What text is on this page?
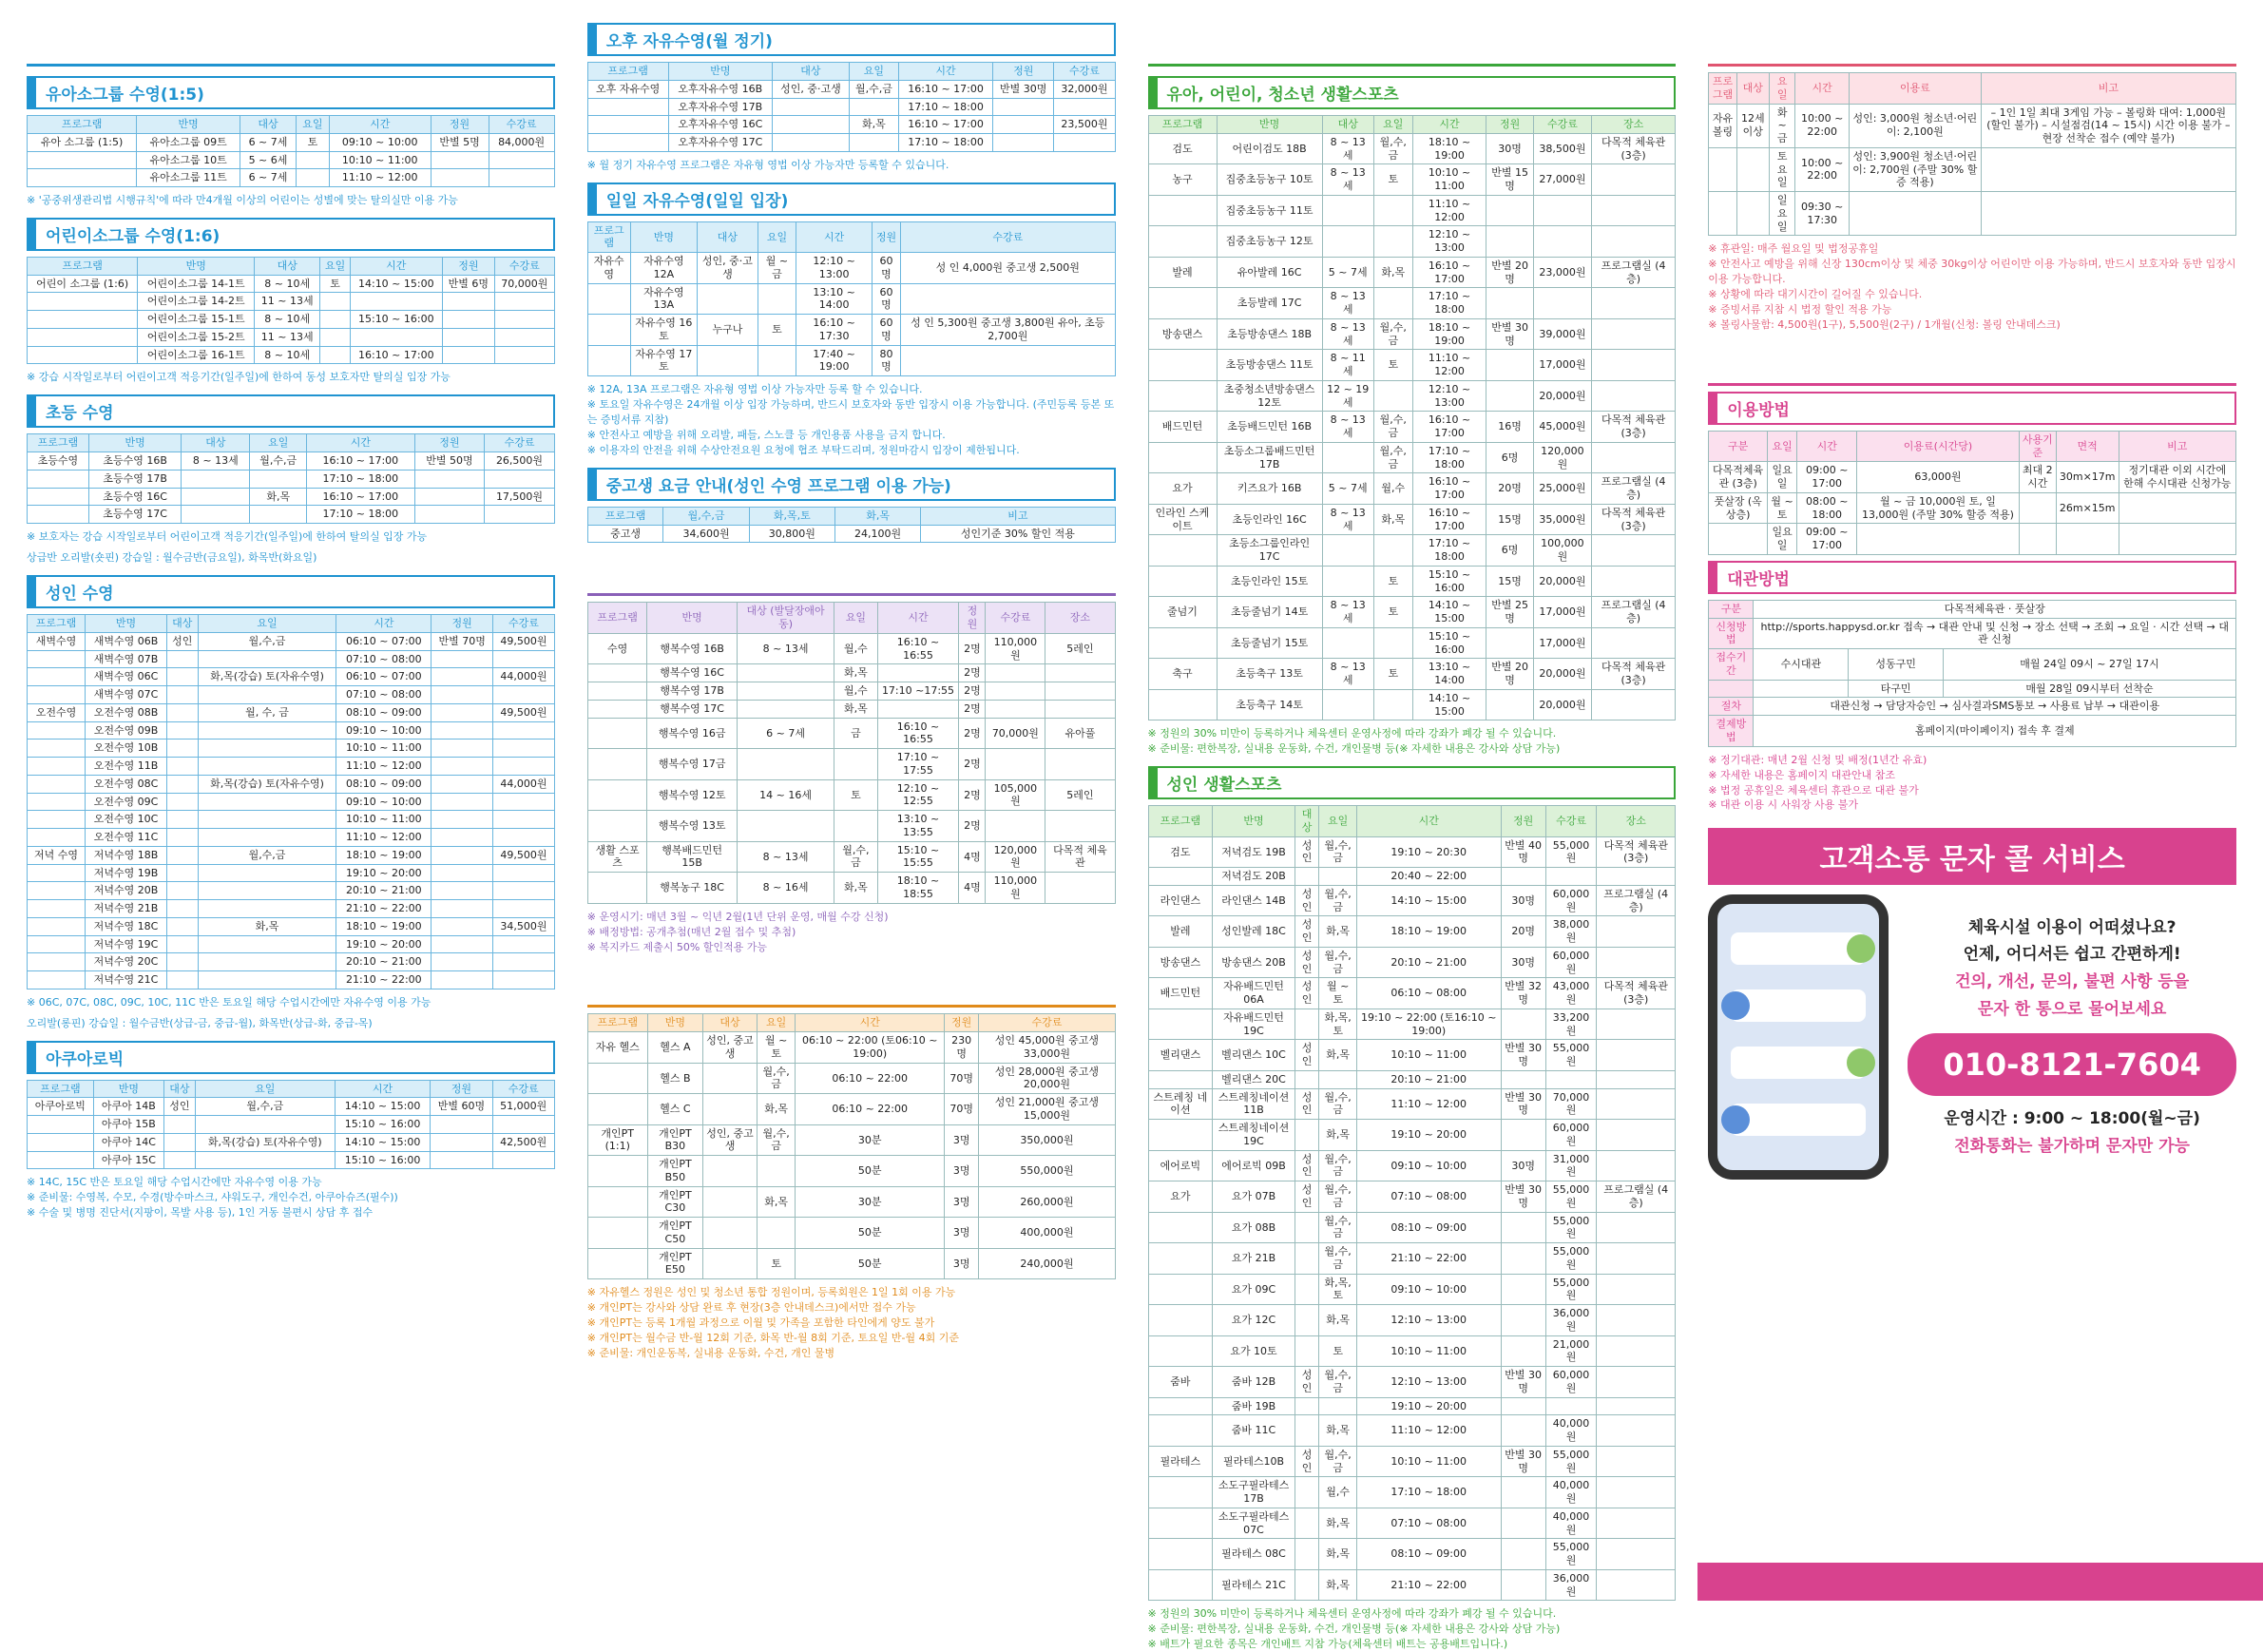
수영
유아소그룹 수영(1:5)
프로그램	반명	대상	요일	시간	정원	수강료
유아 소그룹 (1:5)	유아소그룹 09트	6 ~ 7세	토	09:10 ~ 10:00	반별 5명	84,000원
	유아소그룹 10트	5 ~ 6세		10:10 ~ 11:00		
	유아소그룹 11트	6 ~ 7세		11:10 ~ 12:00		
※ '공중위생관리법 시행규칙'에 따라 만4개월 이상의 어린이는 성별에 맞는 탈의실만 이용 가능
어린이소그룹 수영(1:6)
프로그램	반명	대상	요일	시간	정원	수강료
어린이 소그룹 (1:6)	어린이소그룹 14-1트	8 ~ 10세	토	14:10 ~ 15:00	반별 6명	70,000원
	어린이소그룹 14-2트	11 ~ 13세				
	어린이소그룹 15-1트	8 ~ 10세		15:10 ~ 16:00		
	어린이소그룹 15-2트	11 ~ 13세				
	어린이소그룹 16-1트	8 ~ 10세		16:10 ~ 17:00		
※ 강습 시작일로부터 어린이고객 적응기간(일주일)에 한하여 동성 보호자만 탈의실 입장 가능
초등 수영
프로그램	반명	대상	요일	시간	정원	수강료
초등수영	초등수영 16B	8 ~ 13세	월,수,금	16:10 ~ 17:00	반별 50명	26,500원
	초등수영 17B			17:10 ~ 18:00		
	초등수영 16C		화,목	16:10 ~ 17:00		17,500원
	초등수영 17C			17:10 ~ 18:00		
※ 보호자는 강습 시작일로부터 어린이고객 적응기간(일주일)에 한하여 탈의실 입장 가능
상급반 오리발(숏핀) 강습일 : 월수금반(금요일), 화목반(화요일)
성인 수영
프로그램	반명	대상	요일	시간	정원	수강료
새벽수영	새벽수영 06B	성인	월,수,금	06:10 ~ 07:00	반별 70명	49,500원
	새벽수영 07B			07:10 ~ 08:00		
	새벽수영 06C		화,목(강습) 토(자유수영)	06:10 ~ 07:00		44,000원
	새벽수영 07C			07:10 ~ 08:00		
오전수영	오전수영 08B		월, 수, 금	08:10 ~ 09:00		49,500원
	오전수영 09B			09:10 ~ 10:00		
	오전수영 10B			10:10 ~ 11:00		
	오전수영 11B			11:10 ~ 12:00		
	오전수영 08C		화,목(강습) 토(자유수영)	08:10 ~ 09:00		44,000원
	오전수영 09C			09:10 ~ 10:00		
	오전수영 10C			10:10 ~ 11:00		
	오전수영 11C			11:10 ~ 12:00		
저녁 수영	저녁수영 18B		월,수,금	18:10 ~ 19:00		49,500원
	저녁수영 19B			19:10 ~ 20:00		
	저녁수영 20B			20:10 ~ 21:00		
	저녁수영 21B			21:10 ~ 22:00		
	저녁수영 18C		화,목	18:10 ~ 19:00		34,500원
	저녁수영 19C			19:10 ~ 20:00		
	저녁수영 20C			20:10 ~ 21:00		
	저녁수영 21C			21:10 ~ 22:00		
※ 06C, 07C, 08C, 09C, 10C, 11C 반은 토요일 해당 수업시간에만 자유수영 이용 가능
오리발(롱핀) 강습일 : 월수금반(상급-금, 중급-월), 화목반(상급-화, 중급-목)
아쿠아로빅
프로그램	반명	대상	요일	시간	정원	수강료
아쿠아로빅	아쿠아 14B	성인	월,수,금	14:10 ~ 15:00	반별 60명	51,000원
	아쿠아 15B			15:10 ~ 16:00		
	아쿠아 14C		화,목(강습) 토(자유수영)	14:10 ~ 15:00		42,500원
	아쿠아 15C			15:10 ~ 16:00		
※ 14C, 15C 반은 토요일 해당 수업시간에만 자유수영 이용 가능
※ 준비물: 수영복, 수모, 수경(방수마스크, 샤워도구, 개인수건, 아쿠아슈즈(필수))
※ 수술 및 병명 진단서(지팡이, 목발 사용 등), 1인 거동 불편시 상담 후 접수
오후 자유수영(월 정기)
프로그램	반명	대상	요일	시간	정원	수강료
오후 자유수영	오후자유수영 16B	성인, 중·고생	월,수,금	16:10 ~ 17:00	반별 30명	32,000원
	오후자유수영 17B			17:10 ~ 18:00		
	오후자유수영 16C		화,목	16:10 ~ 17:00		23,500원
	오후자유수영 17C			17:10 ~ 18:00		
※ 월 정기 자유수영 프로그램은 자유형 영법 이상 가능자만 등록할 수 있습니다.
일일 자유수영(일일 입장)
프로그램	반명	대상	요일	시간	정원	수강료
자유수영	자유수영 12A	성인, 중·고생	월 ~ 금	12:10 ~ 13:00	60명	성 인 4,000원 중고생 2,500원
	자유수영 13A			13:10 ~ 14:00	60명	
	자유수영 16토	누구나	토	16:10 ~ 17:30	60명	성 인 5,300원 중고생 3,800원 유아, 초등 2,700원
	자유수영 17토			17:40 ~ 19:00	80명	
※ 12A, 13A 프로그램은 자유형 영법 이상 가능자만 등록 할 수 있습니다.
※ 토요일 자유수영은 24개월 이상 입장 가능하며, 반드시 보호자와 동반 입장시 이용 가능합니다. (주민등록 등본 또는 증빙서류 지참)
※ 안전사고 예방을 위해 오리발, 패들, 스노클 등 개인용품 사용을 금지 합니다.
※ 이용자의 안전을 위해 수상안전요원 요청에 협조 부탁드리며, 정원마감시 입장이 제한됩니다.
중고생 요금 안내(성인 수영 프로그램 이용 가능)
프로그램	월,수,금	화,목,토	화,목	비고
중고생	34,600원	30,800원	24,100원	성인기준 30% 할인 적용
해피투게더
프로그램	반명	대상 (발달장애아동)	요일	시간	정원	수강료	장소
수영	행복수영 16B	8 ~ 13세	월,수	16:10 ~ 16:55	2명	110,000원	5레인
	행복수영 16C		화,목		2명		
	행복수영 17B		월,수	17:10 ~17:55	2명		
	행복수영 17C		화,목		2명		
	행복수영 16금	6 ~ 7세	금	16:10 ~ 16:55	2명	70,000원	유아풀
	행복수영 17금			17:10 ~ 17:55	2명		
	행복수영 12토	14 ~ 16세	토	12:10 ~ 12:55	2명	105,000원	5레인
	행복수영 13토			13:10 ~ 13:55	2명		
생활 스포츠	행복배드민턴 15B	8 ~ 13세	월,수,금	15:10 ~ 15:55	4명	120,000원	다목적 체육관
	행복농구 18C	8 ~ 16세	화,목	18:10 ~ 18:55	4명	110,000원	
※ 운영시기: 매년 3월 ~ 익년 2월(1년 단위 운영, 매월 수강 신청)
※ 배정방법: 공개추첨(매년 2월 접수 및 추첨)
※ 복지카드 제출시 50% 할인적용 가능
헬스
프로그램	반명	대상	요일	시간	정원	수강료
자유 헬스	헬스 A	성인, 중고생	월 ~ 토	06:10 ~ 22:00 (토06:10 ~ 19:00)	230명	성인 45,000원 중고생 33,000원
	헬스 B		월,수,금	06:10 ~ 22:00	70명	성인 28,000원 중고생 20,000원
	헬스 C		화,목	06:10 ~ 22:00	70명	성인 21,000원 중고생 15,000원
개인PT (1:1)	개인PT B30	성인, 중고생	월,수,금	30분	3명	350,000원
	개인PT B50			50분	3명	550,000원
	개인PT C30		화,목	30분	3명	260,000원
	개인PT C50			50분	3명	400,000원
	개인PT E50		토	50분	3명	240,000원
※ 자유헬스 정원은 성인 및 청소년 통합 정원이며, 등록회원은 1일 1회 이용 가능
※ 개인PT는 강사와 상담 완료 후 현장(3층 안내데스크)에서만 접수 가능
※ 개인PT는 등록 1개월 과정으로 이월 및 가족을 포함한 타인에게 양도 불가
※ 개인PT는 월수금 반-월 12회 기준, 화목 반-월 8회 기준, 토요일 반-월 4회 기준
※ 준비물: 개인운동복, 실내용 운동화, 수건, 개인 물병
생활스포츠
유아, 어린이, 청소년 생활스포츠
프로그램	반명	대상	요일	시간	정원	수강료	장소
검도	어린이검도 18B	8 ~ 13세	월,수,금	18:10 ~ 19:00	30명	38,500원	다목적 체육관 (3층)
농구	집중초등농구 10토	8 ~ 13세	토	10:10 ~ 11:00	반별 15명	27,000원	
	집중초등농구 11토			11:10 ~ 12:00			
	집중초등농구 12토			12:10 ~ 13:00			
발레	유아발레 16C	5 ~ 7세	화,목	16:10 ~ 17:00	반별 20명	23,000원	프로그램실 (4층)
	초등발레 17C	8 ~ 13세		17:10 ~ 18:00			
방송댄스	초등방송댄스 18B	8 ~ 13세	월,수,금	18:10 ~ 19:00	반별 30명	39,000원	
	초등방송댄스 11토	8 ~ 11세	토	11:10 ~ 12:00		17,000원	
	초중청소년방송댄스 12토	12 ~ 19세		12:10 ~ 13:00		20,000원	
배드민턴	초등배드민턴 16B	8 ~ 13세	월,수,금	16:10 ~ 17:00	16명	45,000원	다목적 체육관 (3층)
	초등소그룹배드민턴 17B		월,수,금	17:10 ~ 18:00	6명	120,000원	
요가	키즈요가 16B	5 ~ 7세	월,수	16:10 ~ 17:00	20명	25,000원	프로그램실 (4층)
인라인 스케이트	초등인라인 16C	8 ~ 13세	화,목	16:10 ~ 17:00	15명	35,000원	다목적 체육관 (3층)
	초등소그룹인라인 17C			17:10 ~ 18:00	6명	100,000원	
	초등인라인 15토		토	15:10 ~ 16:00	15명	20,000원	
줄넘기	초등줄넘기 14토	8 ~ 13세	토	14:10 ~ 15:00	반별 25명	17,000원	프로그램실 (4층)
	초등줄넘기 15토			15:10 ~ 16:00		17,000원	
축구	초등축구 13토	8 ~ 13세	토	13:10 ~ 14:00	반별 20명	20,000원	다목적 체육관 (3층)
	초등축구 14토			14:10 ~ 15:00		20,000원	
※ 정원의 30% 미만이 등록하거나 체육센터 운영사정에 따라 강좌가 폐강 될 수 있습니다.
※ 준비물: 편한복장, 실내용 운동화, 수건, 개인물병 등(※ 자세한 내용은 강사와 상담 가능)
성인 생활스포츠
프로그램	반명	대상	요일	시간	정원	수강료	장소
검도	저녁검도 19B	성인	월,수,금	19:10 ~ 20:30	반별 40명	55,000원	다목적 체육관 (3층)
	저녁검도 20B			20:40 ~ 22:00			
라인댄스	라인댄스 14B	성인	월,수,금	14:10 ~ 15:00	30명	60,000원	프로그램실 (4층)
발레	성인발레 18C	성인	화,목	18:10 ~ 19:00	20명	38,000원	
방송댄스	방송댄스 20B	성인	월,수,금	20:10 ~ 21:00	30명	60,000원	
배드민턴	자유배드민턴 06A	성인	월 ~ 토	06:10 ~ 08:00	반별 32명	43,000원	다목적 체육관 (3층)
	자유배드민턴 19C		화,목,토	19:10 ~ 22:00 (토16:10 ~ 19:00)		33,200원	
벨리댄스	벨리댄스 10C	성인	화,목	10:10 ~ 11:00	반별 30명	55,000원	
	벨리댄스 20C			20:10 ~ 21:00			
스트레칭 네이션	스트레칭네이션 11B	성인	월,수,금	11:10 ~ 12:00	반별 30명	70,000원	
	스트레칭네이션 19C		화,목	19:10 ~ 20:00		60,000원	
에어로빅	에어로빅 09B	성인	월,수,금	09:10 ~ 10:00	30명	31,000원	
요가	요가 07B	성인	월,수,금	07:10 ~ 08:00	반별 30명	55,000원	프로그램실 (4층)
	요가 08B		월,수,금	08:10 ~ 09:00		55,000원	
	요가 21B		월,수,금	21:10 ~ 22:00		55,000원	
	요가 09C		화,목,토	09:10 ~ 10:00		55,000원	
	요가 12C		화,목	12:10 ~ 13:00		36,000원	
	요가 10토		토	10:10 ~ 11:00		21,000원	
줌바	줌바 12B	성인	월,수,금	12:10 ~ 13:00	반별 30명	60,000원	
	줌바 19B			19:10 ~ 20:00			
	줌바 11C		화,목	11:10 ~ 12:00		40,000원	
필라테스	필라테스10B	성인	월,수,금	10:10 ~ 11:00	반별 30명	55,000원	
	소도구필라테스 17B		월,수	17:10 ~ 18:00		40,000원	
	소도구필라테스 07C		화,목	07:10 ~ 08:00		40,000원	
	필라테스 08C		화,목	08:10 ~ 09:00		55,000원	
	필라테스 21C		화,목	21:10 ~ 22:00		36,000원	
※ 정원의 30% 미만이 등록하거나 체육센터 운영사정에 따라 강좌가 폐강 될 수 있습니다.
※ 준비물: 편한복장, 실내용 운동화, 수건, 개인물병 등(※ 자세한 내용은 강사와 상담 가능)
※ 배트가 필요한 종목은 개인배트 지참 가능(체육센터 배트는 공용배트입니다.)
볼링
프로그램	대상	요일	시간	이용료	비고
자유볼링	12세 이상	화 ~ 금	10:00 ~ 22:00	성인: 3,000원 청소년·어린이: 2,100원	– 1인 1일 최대 3게임 가능 – 볼링화 대여: 1,000원 (할인 불가) – 시설점검(14 ~ 15시) 시간 이용 불가 – 현장 선착순 접수 (예약 불가)
		토요일	10:00 ~ 22:00	성인: 3,900원 청소년·어린이: 2,700원 (주말 30% 할증 적용)	
		일요일	09:30 ~ 17:30		
※ 휴관일: 매주 월요일 및 법정공휴일
※ 안전사고 예방을 위해 신장 130cm이상 및 체중 30kg이상 어린이만 이용 가능하며, 반드시 보호자와 동반 입장시 이용 가능합니다.
※ 상황에 따라 대기시간이 길어질 수 있습니다.
※ 증빙서류 지참 시 법정 할인 적용 가능
※ 볼링사물함: 4,500원(1구), 5,500원(2구) / 1개월(신청: 볼링 안내데스크)
대관
이용방법
구분	요일	시간	이용료(시간당)	사용기준	면적	비고
다목적체육관 (3층)	일요일	09:00 ~ 17:00	63,000원	최대 2시간	30m×17m	정기대관 이외 시간에 한해 수시대관 신청가능
풋살장 (옥상층)	월 ~ 토	08:00 ~ 18:00	월 ~ 금 10,000원 토, 일 13,000원 (주말 30% 할증 적용)		26m×15m	
	일요일	09:00 ~ 17:00				
대관방법
구분	다목적체육관 · 풋살장		
신청방법	http://sports.happysd.or.kr 접속 → 대관 안내 및 신청 → 장소 선택 → 조회 → 요일 · 시간 선택 → 대관 신청		
접수기간	수시대관	성동구민	매월 24일 09시 ~ 27일 17시
		타구민	매월 28일 09시부터 선착순
절차	대관신청 → 담당자승인 → 심사결과SMS통보 → 사용료 납부 → 대관이용		
결제방법	홈페이지(마이페이지) 접속 후 결제		
※ 정기대관: 매년 2월 신청 및 배정(1년간 유효)
※ 자세한 내용은 홈페이지 대관안내 참조
※ 법정 공휴일은 체육센터 휴관으로 대관 불가
※ 대관 이용 시 사워장 사용 불가
고객소통 문자 콜 서비스
체육시설 이용이 어떠셨나요?
언제, 어디서든 쉽고 간편하게!
건의, 개선, 문의, 불편 사항 등을
문자 한 통으로 물어보세요
010-8121-7604
운영시간 : 9:00 ~ 18:00(월~금)
전화통화는 불가하며 문자만 가능
